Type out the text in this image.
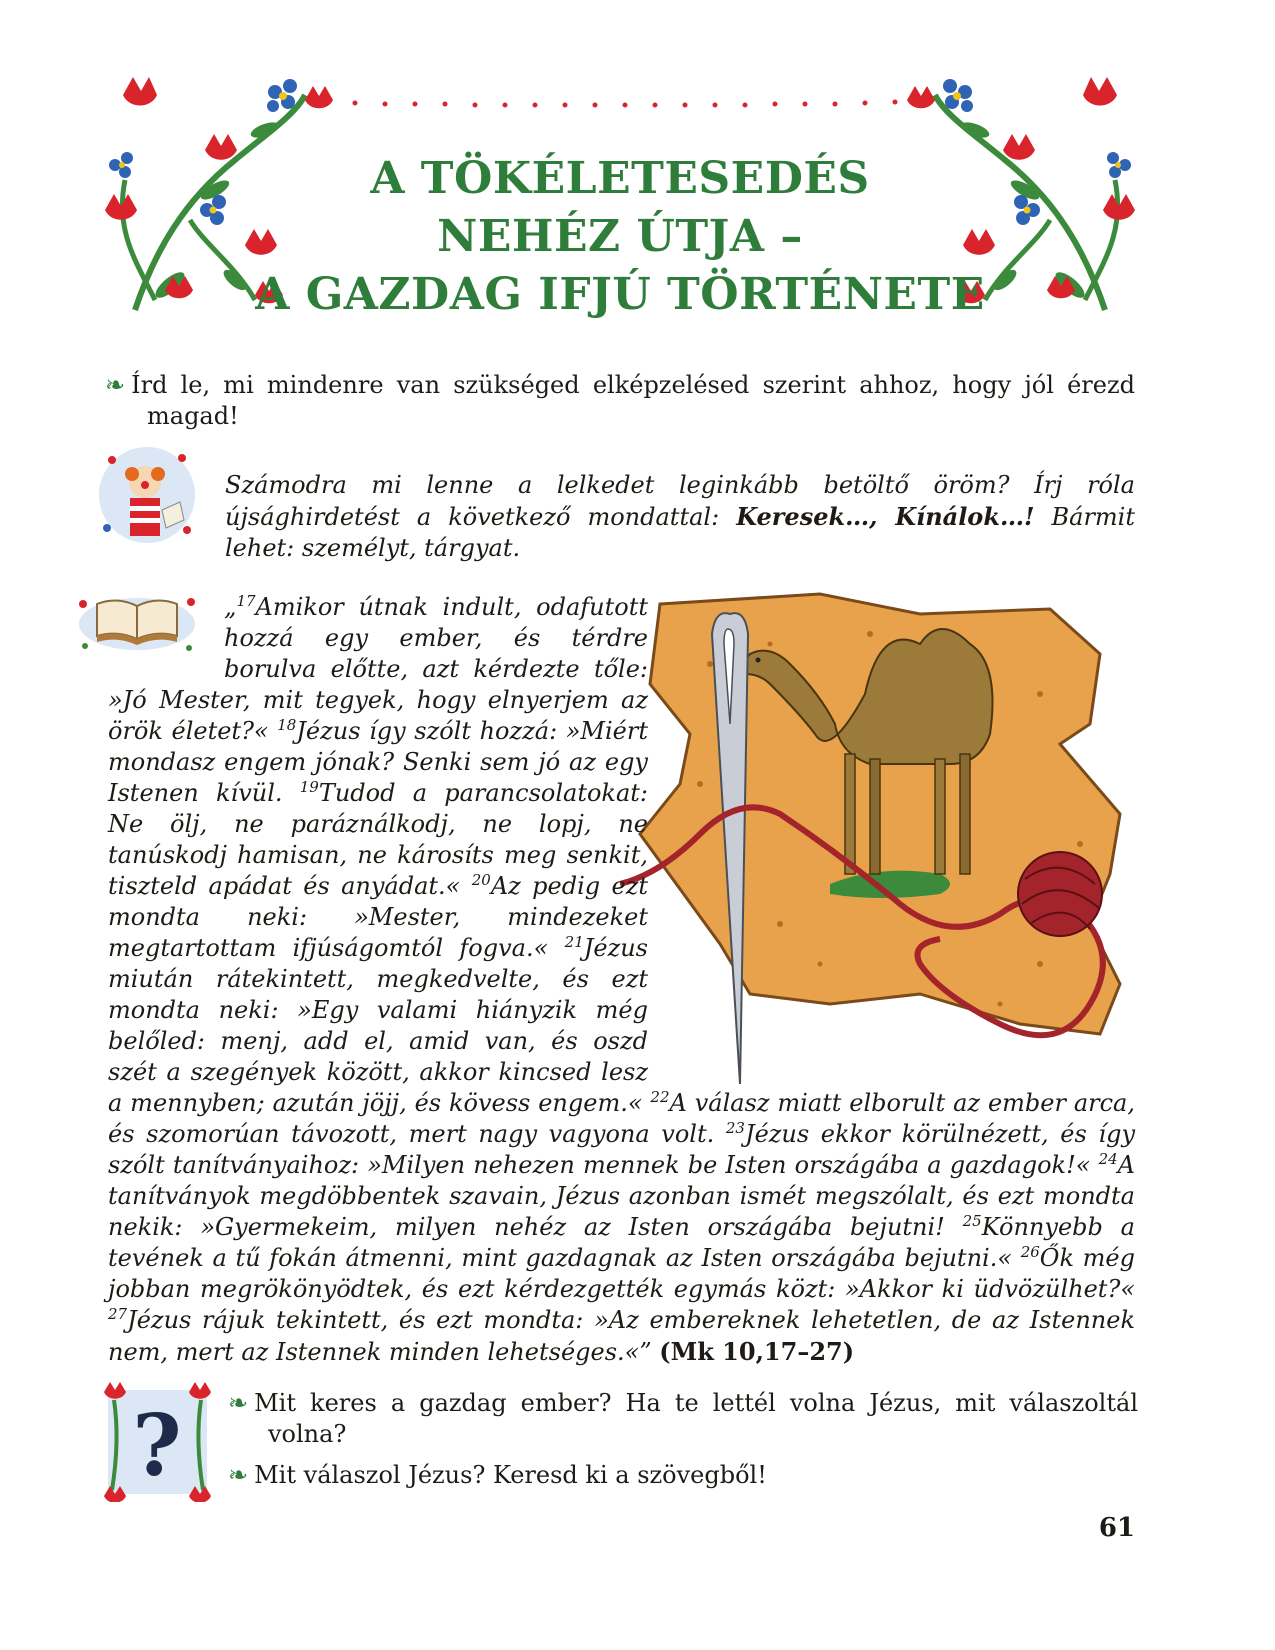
A TÖKÉLETESEDÉS
NEHÉZ ÚTJA –
A GAZDAG IFJÚ TÖRTÉNETE
❧ Írd le, mi mindenre van szükséged elképzelésed szerint ahhoz, hogy jól érezd magad!
Számodra mi lenne a lelkedet leginkább betöltő öröm? Írj róla újsághirdetést a következő mondattal: Keresek…, Kínálok…! Bármit lehet: személyt, tárgyat.
„$^{17}$Amikor útnak indult, odafutott hozzá egy ember, és térdre borulva előtte, azt kérdezte tőle: »Jó Mester, mit tegyek, hogy elnyerjem az örök életet?« $^{18}$Jézus így szólt hozzá: »Miért mondasz engem jónak? Senki sem jó az egy Istenen kívül. $^{19}$Tudod a parancsolatokat: Ne ölj, ne paráználkodj, ne lopj, ne tanúskodj hamisan, ne károsíts meg senkit, tiszteld apádat és anyádat.« $^{20}$Az pedig ezt mondta neki: »Mester, mindezeket megtartottam ifjúságomtól fogva.« $^{21}$Jézus miután rátekintett, megkedvelte, és ezt mondta neki: »Egy valami hiányzik még belőled: menj, add el, amid van, és oszd szét a szegények között, akkor kincsed lesz a mennyben; azután jöjj, és kövess engem.« $^{22}$A válasz miatt elborult az ember arca, és szomorúan távozott, mert nagy vagyona volt. $^{23}$Jézus ekkor körülnézett, és így szólt tanítványaihoz: »Milyen nehezen mennek be Isten országába a gazdagok!« $^{24}$A tanítványok megdöbbentek szavain, Jézus azonban ismét megszólalt, és ezt mondta nekik: »Gyermekeim, milyen nehéz az Isten országába bejutni! $^{25}$Könnyebb a tevének a tű fokán átmenni, mint gazdagnak az Isten országába bejutni.« $^{26}$Ők még jobban megrökönyödtek, és ezt kérdezgették egymás közt: »Akkor ki üdvözülhet?« $^{27}$Jézus rájuk tekintett, és ezt mondta: »Az embereknek lehetetlen, de az Istennek nem, mert az Istennek minden lehetséges.«” (Mk 10,17–27)
? ❧ Mit keres a gazdag ember? Ha te lettél volna Jézus, mit válaszoltál volna?
❧ Mit válaszol Jézus? Keresd ki a szövegből!
61
